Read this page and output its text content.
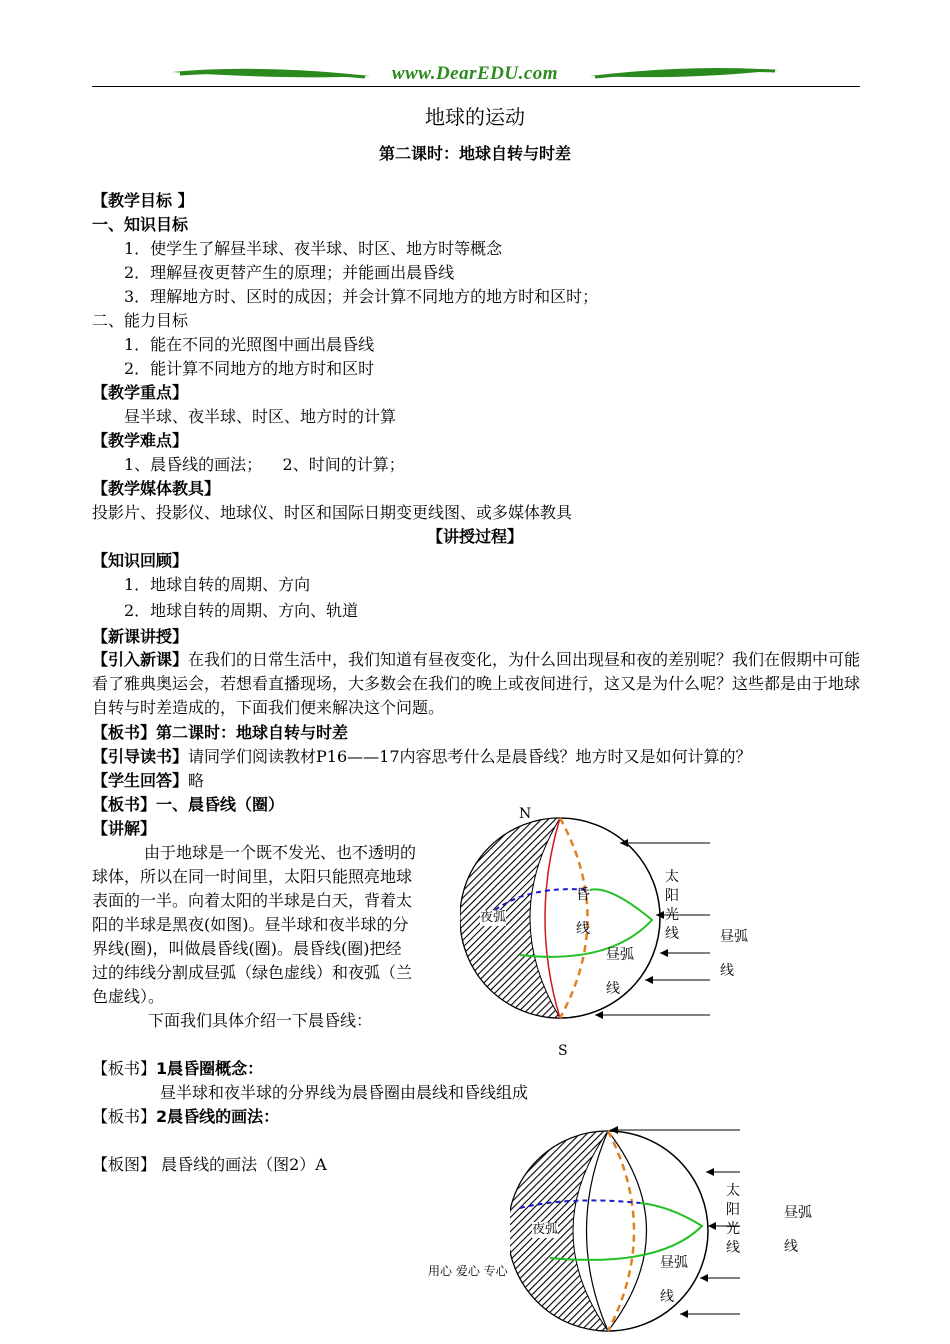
www.DearEDU.com
地球的运动
第二课时：地球自转与时差
【教学目标 】
一、知识目标
1．使学生了解昼半球、夜半球、时区、地方时等概念
2．理解昼夜更替产生的原理；并能画出晨昏线
3．理解地方时、区时的成因；并会计算不同地方的地方时和区时；
二、能力目标
1．能在不同的光照图中画出晨昏线
2．能计算不同地方的地方时和区时
【教学重点】
昼半球、夜半球、时区、地方时的计算
【教学难点】
1、晨昏线的画法；    2、时间的计算；
【教学媒体教具】
投影片、投影仪、地球仪、时区和国际日期变更线图、或多媒体教具
【讲授过程】
【知识回顾】
1．地球自转的周期、方向
2．地球自转的周期、方向、轨道
【新课讲授】
【引入新课】在我们的日常生活中，我们知道有昼夜变化，为什么回出现昼和夜的差别呢？我们在假期中可能看了雅典奥运会，若想看直播现场，大多数会在我们的晚上或夜间进行，这又是为什么呢？这些都是由于地球自转与时差造成的，下面我们便来解决这个问题。
【板书】第二课时：地球自转与时差
【引导读书】请同学们阅读教材P16——17内容思考什么是晨昏线？地方时又是如何计算的？
【学生回答】略
【板书】一、晨昏线（圈）
【讲解】
由于地球是一个既不发光、也不透明的
球体，所以在同一时间里，太阳只能照亮地球
表面的一半。向着太阳的半球是白天，背着太
阳的半球是黑夜(如图)。昼半球和夜半球的分
界线(圈)，叫做晨昏线(圈)。晨昏线(圈)把经
过的纬线分割成昼弧（绿色虚线）和夜弧（兰
色虚线）。
下面我们具体介绍一下晨昏线：
【板书】1晨昏圈概念：
昼半球和夜半球的分界线为晨昏圈由晨线和昏线组成
【板书】2晨昏线的画法：
【板图】 晨昏线的画法（图2）A
N
S
夜弧
昏线
昼弧线
太阳光线	昼弧线
夜弧
太阳光线
昼弧线
昼弧线
用心 爱心 专心
